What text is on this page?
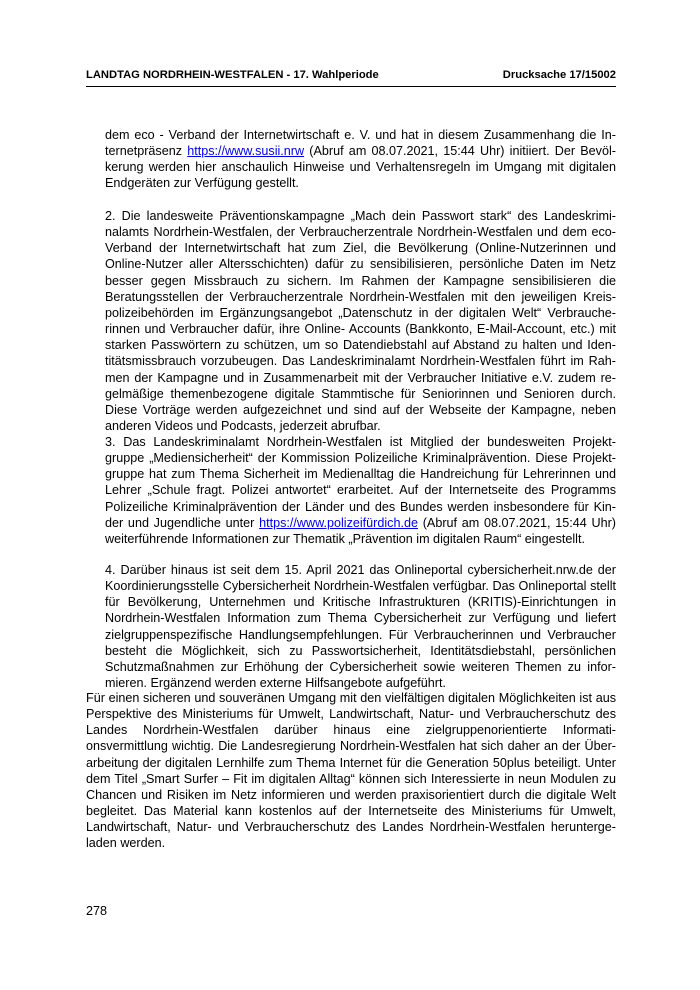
LANDTAG NORDRHEIN-WESTFALEN - 17. Wahlperiode	Drucksache 17/15002
dem eco - Verband der Internetwirtschaft e. V. und hat in diesem Zusammenhang die Internetpräsenz https://www.susii.nrw (Abruf am 08.07.2021, 15:44 Uhr) initiiert. Der Bevölkerung werden hier anschaulich Hinweise und Verhaltensregeln im Umgang mit digitalen Endgeräten zur Verfügung gestellt.
2. Die landesweite Präventionskampagne „Mach dein Passwort stark“ des Landeskriminalamts Nordrhein-Westfalen, der Verbraucherzentrale Nordrhein-Westfalen und dem eco-Verband der Internetwirtschaft hat zum Ziel, die Bevölkerung (Online-Nutzerinnen und Online-Nutzer aller Altersschichten) dafür zu sensibilisieren, persönliche Daten im Netz besser gegen Missbrauch zu sichern. Im Rahmen der Kampagne sensibilisieren die Beratungsstellen der Verbraucherzentrale Nordrhein-Westfalen mit den jeweiligen Kreispolizeibehörden im Ergänzungsangebot „Datenschutz in der digitalen Welt“ Verbraucherinnen und Verbraucher dafür, ihre Online- Accounts (Bankkonto, E-Mail-Account, etc.) mit starken Passwörtern zu schützen, um so Datendiebstahl auf Abstand zu halten und Identitätsmissbrauch vorzubeugen. Das Landeskriminalamt Nordrhein-Westfalen führt im Rahmen der Kampagne und in Zusammenarbeit mit der Verbraucher Initiative e.V. zudem regelmäßige themenbezogene digitale Stammtische für Seniorinnen und Senioren durch. Diese Vorträge werden aufgezeichnet und sind auf der Webseite der Kampagne, neben anderen Videos und Podcasts, jederzeit abrufbar.
3. Das Landeskriminalamt Nordrhein-Westfalen ist Mitglied der bundesweiten Projektgruppe „Mediensicherheit“ der Kommission Polizeiliche Kriminalprävention. Diese Projektgruppe hat zum Thema Sicherheit im Medienalltag die Handreichung für Lehrerinnen und Lehrer „Schule fragt. Polizei antwortet“ erarbeitet. Auf der Internetseite des Programms Polizeiliche Kriminalprävention der Länder und des Bundes werden insbesondere für Kinder und Jugendliche unter https://www.polizeifürdich.de (Abruf am 08.07.2021, 15:44 Uhr) weiterführende Informationen zur Thematik „Prävention im digitalen Raum“ eingestellt.
4. Darüber hinaus ist seit dem 15. April 2021 das Onlineportal cybersicherheit.nrw.de der Koordinierungsstelle Cybersicherheit Nordrhein-Westfalen verfügbar. Das Onlineportal stellt für Bevölkerung, Unternehmen und Kritische Infrastrukturen (KRITIS)-Einrichtungen in Nordrhein-Westfalen Information zum Thema Cybersicherheit zur Verfügung und liefert zielgruppenspezifische Handlungsempfehlungen. Für Verbraucherinnen und Verbraucher besteht die Möglichkeit, sich zu Passwortsicherheit, Identitätsdiebstahl, persönlichen Schutzmaßnahmen zur Erhöhung der Cybersicherheit sowie weiteren Themen zu informieren. Ergänzend werden externe Hilfsangebote aufgeführt.
Für einen sicheren und souveränen Umgang mit den vielfältigen digitalen Möglichkeiten ist aus Perspektive des Ministeriums für Umwelt, Landwirtschaft, Natur- und Verbraucherschutz des Landes Nordrhein-Westfalen darüber hinaus eine zielgruppenorientierte Informationsvermittlung wichtig. Die Landesregierung Nordrhein-Westfalen hat sich daher an der Überarbeitung der digitalen Lernhilfe zum Thema Internet für die Generation 50plus beteiligt. Unter dem Titel „Smart Surfer – Fit im digitalen Alltag“ können sich Interessierte in neun Modulen zu Chancen und Risiken im Netz informieren und werden praxisorientiert durch die digitale Welt begleitet. Das Material kann kostenlos auf der Internetseite des Ministeriums für Umwelt, Landwirtschaft, Natur- und Verbraucherschutz des Landes Nordrhein-Westfalen heruntergeladen werden.
278
